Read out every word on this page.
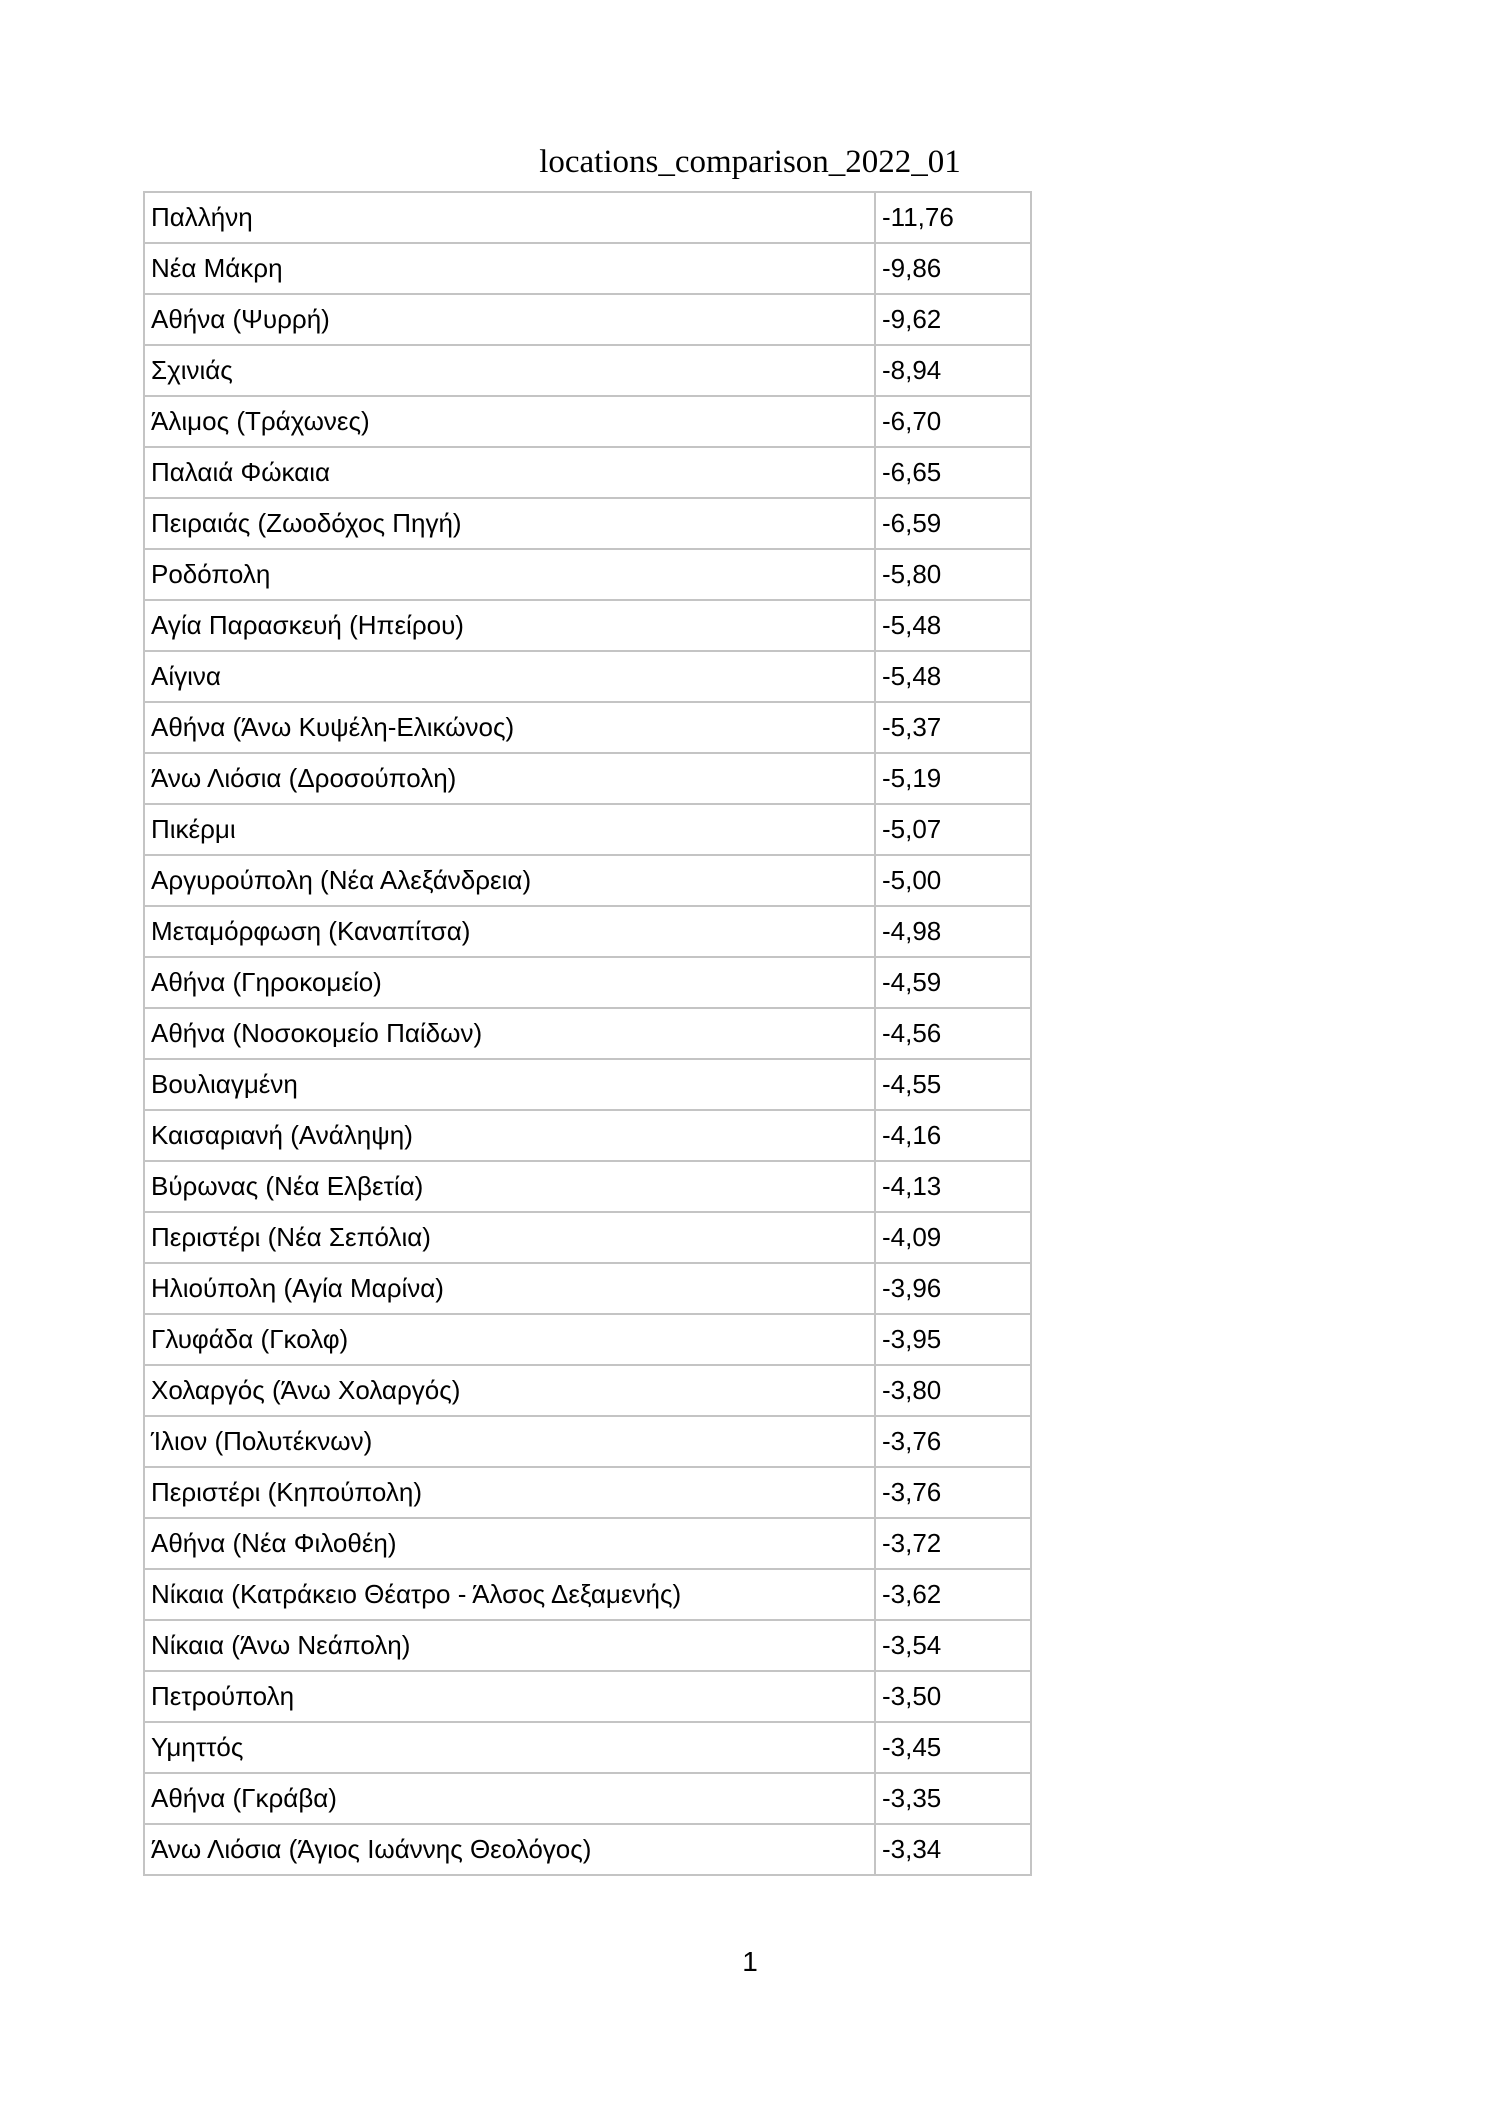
locations_comparison_2022_01
Παλλήνη	-11,76
Νέα Μάκρη	-9,86
Αθήνα (Ψυρρή)	-9,62
Σχινιάς	-8,94
Άλιμος (Τράχωνες)	-6,70
Παλαιά Φώκαια	-6,65
Πειραιάς (Ζωοδόχος Πηγή)	-6,59
Ροδόπολη	-5,80
Αγία Παρασκευή (Ηπείρου)	-5,48
Αίγινα	-5,48
Αθήνα (Άνω Κυψέλη-Ελικώνος)	-5,37
Άνω Λιόσια (Δροσούπολη)	-5,19
Πικέρμι	-5,07
Αργυρούπολη (Νέα Αλεξάνδρεια)	-5,00
Μεταμόρφωση (Καναπίτσα)	-4,98
Αθήνα (Γηροκομείο)	-4,59
Αθήνα (Νοσοκομείο Παίδων)	-4,56
Βουλιαγμένη	-4,55
Καισαριανή (Ανάληψη)	-4,16
Βύρωνας (Νέα Ελβετία)	-4,13
Περιστέρι (Νέα Σεπόλια)	-4,09
Ηλιούπολη (Αγία Μαρίνα)	-3,96
Γλυφάδα (Γκολφ)	-3,95
Χολαργός (Άνω Χολαργός)	-3,80
Ίλιον (Πολυτέκνων)	-3,76
Περιστέρι (Κηπούπολη)	-3,76
Αθήνα (Νέα Φιλοθέη)	-3,72
Νίκαια (Κατράκειο Θέατρο - Άλσος Δεξαμενής)	-3,62
Νίκαια (Άνω Νεάπολη)	-3,54
Πετρούπολη	-3,50
Υμηττός	-3,45
Αθήνα (Γκράβα)	-3,35
Άνω Λιόσια (Άγιος Ιωάννης Θεολόγος)	-3,34
1
